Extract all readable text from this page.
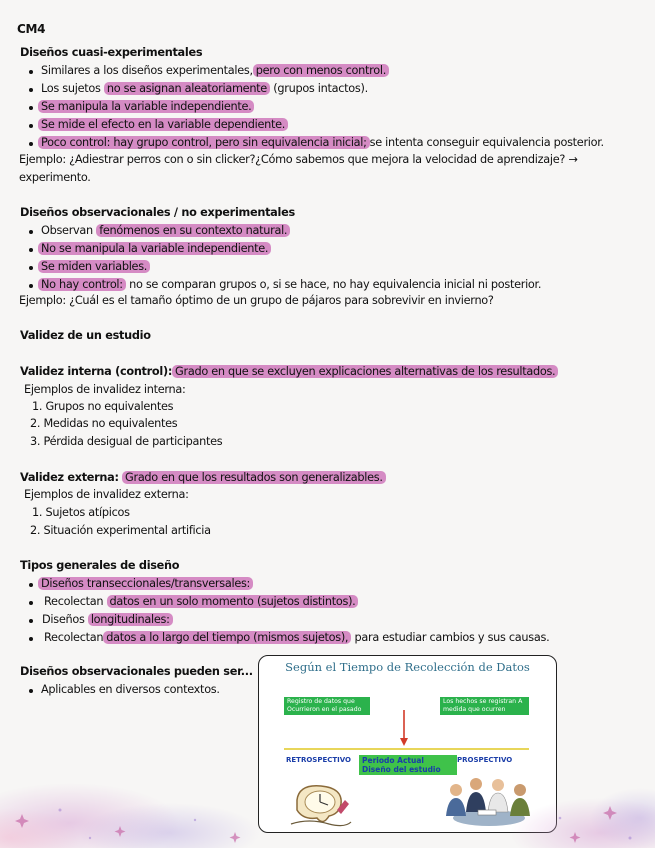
CM4
Diseños cuasi-experimentales
Similares a los diseños experimentales, pero con menos control.
Los sujetos no se asignan aleatoriamente (grupos intactos).
Se manipula la variable independiente.
Se mide el efecto en la variable dependiente.
Poco control: hay grupo control, pero sin equivalencia inicial; se intenta conseguir equivalencia posterior.
Ejemplo: ¿Adiestrar perros con o sin clicker?¿Cómo sabemos que mejora la velocidad de aprendizaje? →
experimento.
Diseños observacionales / no experimentales
Observan fenómenos en su contexto natural.
No se manipula la variable independiente.
Se miden variables.
No hay control: no se comparan grupos o, si se hace, no hay equivalencia inicial ni posterior.
Ejemplo: ¿Cuál es el tamaño óptimo de un grupo de pájaros para sobrevivir en invierno?
Validez de un estudio
Validez interna (control): Grado en que se excluyen explicaciones alternativas de los resultados.
Ejemplos de invalidez interna:
1. Grupos no equivalentes
2. Medidas no equivalentes
3. Pérdida desigual de participantes
Validez externa: Grado en que los resultados son generalizables.
Ejemplos de invalidez externa:
1. Sujetos atípicos
2. Situación experimental artificia
Tipos generales de diseño
Diseños transeccionales/transversales:
Recolectan datos en un solo momento (sujetos distintos).
Diseños longitudinales:
Recolectan datos a lo largo del tiempo (mismos sujetos), para estudiar cambios y sus causas.
Diseños observacionales pueden ser...
Aplicables en diversos contextos.
Según el Tiempo de Recolección de Datos
Registro de datos que Ocurrieron en el pasado
Los hechos se registran A medida que ocurren
RETROSPECTIVO	Periodo Actual Diseño del estudio
PROSPECTIVO
